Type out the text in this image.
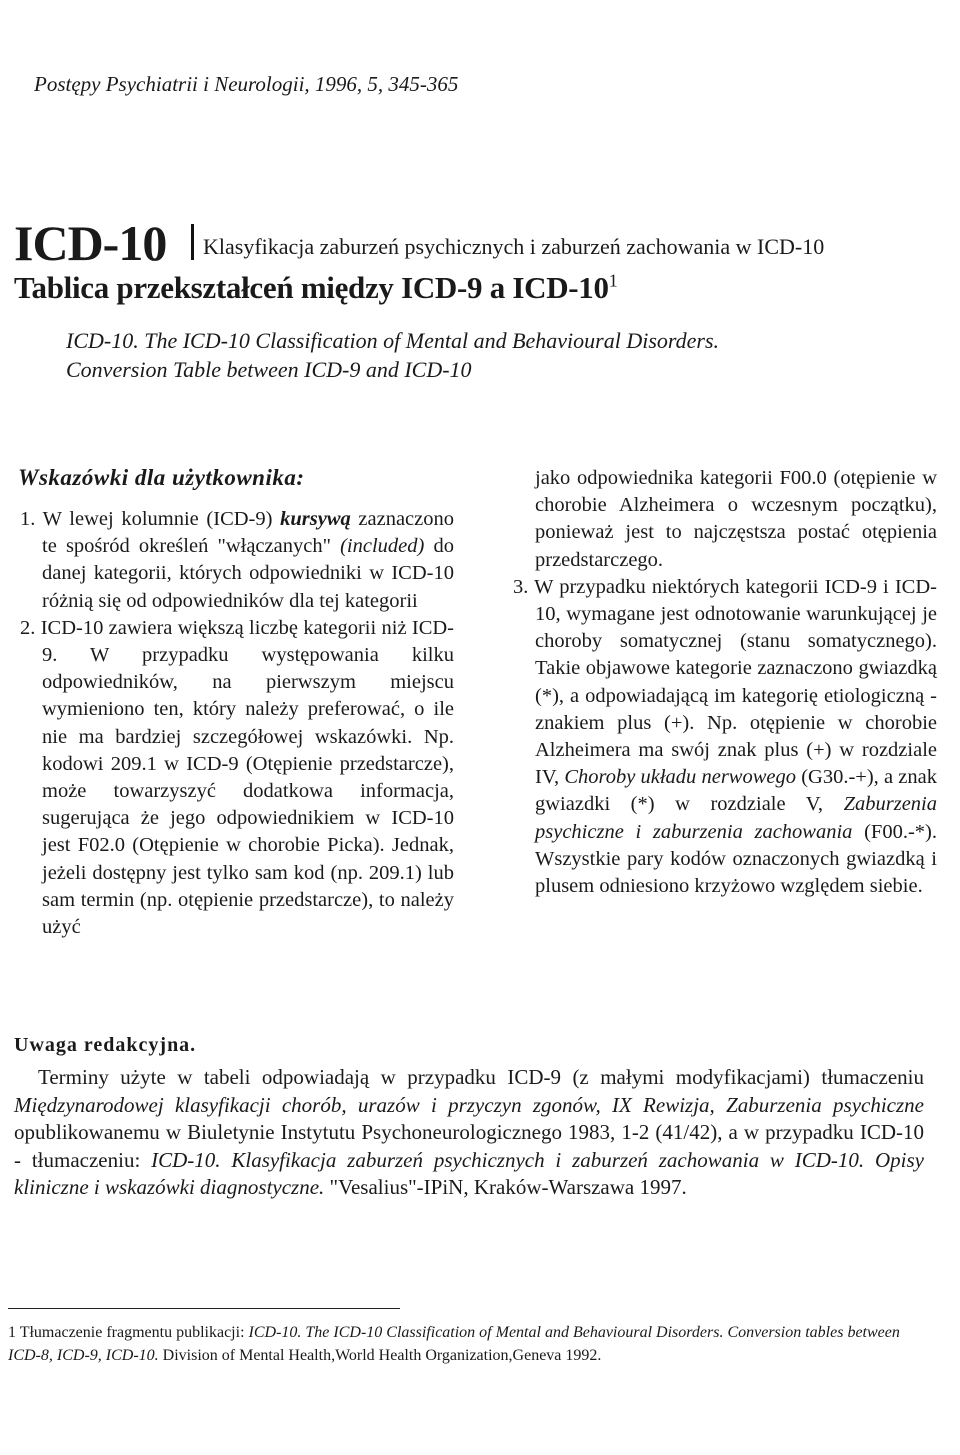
Postępy Psychiatrii i Neurologii, 1996, 5, 345-365
ICD-10 Klasyfikacja zaburzeń psychicznych i zaburzeń zachowania w ICD-10
Tablica przekształceń między ICD-9 a ICD-$10^1$
ICD-10. The ICD-10 Classification of Mental and Behavioural Disorders.
Conversion Table between ICD-9 and ICD-10
Wskazówki dla użytkownika:

1. W lewej kolumnie (ICD-9) kursywą zaznaczono te spośród określeń "włączanych" (included) do danej kategorii, których odpowiedniki w ICD-10 różnią się od odpowiedników dla tej kategorii

2. ICD-10 zawiera większą liczbę kategorii niż ICD-9. W przypadku występowania kilku odpowiedników, na pierwszym miejscu wymieniono ten, który należy preferować, o ile nie ma bardziej szczegółowej wskazówki. Np. kodowi 209.1 w ICD-9 (Otępienie przedstarcze), może towarzyszyć dodatkowa informacja, sugerująca że jego odpowiednikiem w ICD-10 jest F02.0 (Otępienie w chorobie Picka). Jednak, jeżeli dostępny jest tylko sam kod (np. 209.1) lub sam termin (np. otępienie przedstarcze), to należy użyć

jako odpowiednika kategorii F00.0 (otępienie w chorobie Alzheimera o wczesnym początku), ponieważ jest to najczęstsza postać otępienia przedstarczego.

3. W przypadku niektórych kategorii ICD-9 i ICD-10, wymagane jest odnotowanie warunkującej je choroby somatycznej (stanu somatycznego). Takie objawowe kategorie zaznaczono gwiazdką (*), a odpowiadającą im kategorię etiologiczną - znakiem plus (+). Np. otępienie w chorobie Alzheimera ma swój znak plus (+) w rozdziale IV, Choroby układu nerwowego (G30.-+), a znak gwiazdki (*) w rozdziale V, Zaburzenia psychiczne i zaburzenia zachowania (F00.-*). Wszystkie pary kodów oznaczonych gwiazdką i plusem odniesiono krzyżowo względem siebie.

Uwaga redakcyjna.

Terminy użyte w tabeli odpowiadają w przypadku ICD-9 (z małymi modyfikacjami) tłumaczeniu Międzynarodowej klasyfikacji chorób, urazów i przyczyn zgonów, IX Rewizja, Zaburzenia psychiczne opublikowanemu w Biuletynie Instytutu Psychoneurologicznego 1983, 1-2 (41/42), a w przypadku ICD-10 - tłumaczeniu: ICD-10. Klasyfikacja zaburzeń psychicznych i zaburzeń zachowania w ICD-10. Opisy kliniczne i wskazówki diagnostyczne. "Vesalius"-IPiN, Kraków-Warszawa 1997.

1 Tłumaczenie fragmentu publikacji: ICD-10. The ICD-10 Classification of Mental and Behavioural Disorders. Conversion tables between ICD-8, ICD-9, ICD-10. Division of Mental Health,World Health Organization,Geneva 1992.
